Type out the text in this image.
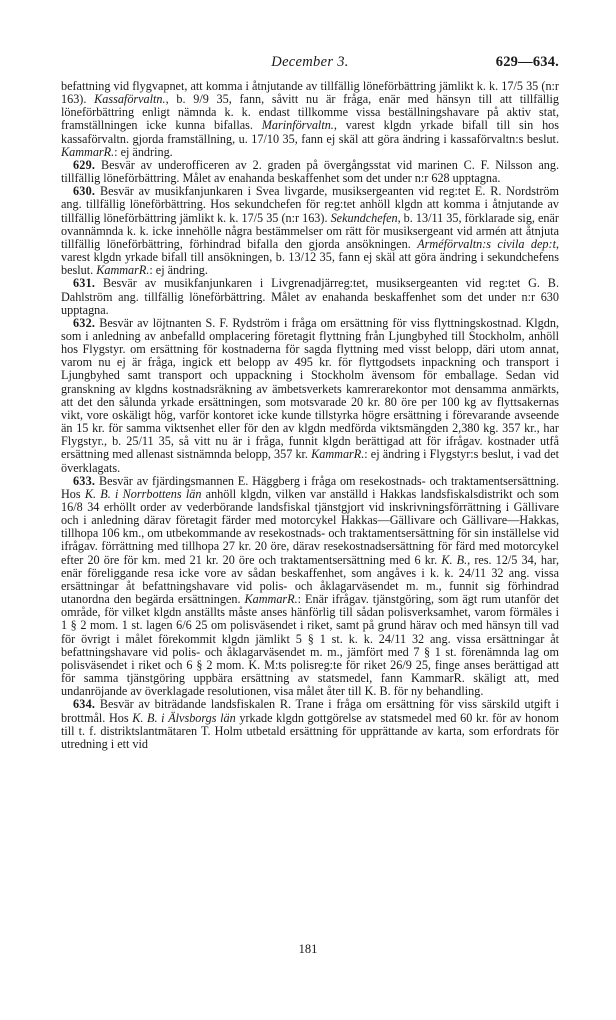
December 3.	629—634.

befattning vid flygvapnet, att komma i åtnjutande av tillfällig löneförbättring jämlikt k. k. 17/5 35 (n:r 163). Kassaförvaltn., b. 9/9 35, fann, såvitt nu är fråga, enär med hänsyn till att tillfällig löneförbättring enligt nämnda k. k. endast tillkomme vissa beställningshavare på aktiv stat, framställningen icke kunna bifallas. Marinförvaltn., varest klgdn yrkade bifall till sin hos kassaförvaltn. gjorda framställning, u. 17/10 35, fann ej skäl att göra ändring i kassaförvaltn:s beslut. KammarR.: ej ändring.

629. Besvär av underofficeren av 2. graden på övergångsstat vid marinen C. F. Nilsson ang. tillfällig löneförbättring. Målet av enahanda beskaffenhet som det under n:r 628 upptagna.

630. Besvär av musikfanjunkaren i Svea livgarde, musiksergeanten vid reg:tet E. R. Nordström ang. tillfällig löneförbättring. Hos sekundchefen för reg:tet anhöll klgdn att komma i åtnjutande av tillfällig löneförbättring jämlikt k. k. 17/5 35 (n:r 163). Sekundchefen, b. 13/11 35, förklarade sig, enär ovannämnda k. k. icke innehölle några bestämmelser om rätt för musiksergeant vid armén att åtnjuta tillfällig löneförbättring, förhindrad bifalla den gjorda ansökningen. Arméförvaltn:s civila dep:t, varest klgdn yrkade bifall till ansökningen, b. 13/12 35, fann ej skäl att göra ändring i sekundchefens beslut. KammarR.: ej ändring.

631. Besvär av musikfanjunkaren i Livgrenadjärreg:tet, musiksergeanten vid reg:tet G. B. Dahlström ang. tillfällig löneförbättring. Målet av enahanda beskaffenhet som det under n:r 630 upptagna.

632. Besvär av löjtnanten S. F. Rydström i fråga om ersättning för viss flyttningskostnad. Klgdn, som i anledning av anbefalld omplacering företagit flyttning från Ljungbyhed till Stockholm, anhöll hos Flygstyr. om ersättning för kostnaderna för sagda flyttning med visst belopp, däri utom annat, varom nu ej är fråga, ingick ett belopp av 495 kr. för flyttgodsets inpackning och transport i Ljungbyhed samt transport och uppackning i Stockholm ävensom för emballage. Sedan vid granskning av klgdns kostnadsräkning av ämbetsverkets kamrerarekontor mot densamma anmärkts, att det den sålunda yrkade ersättningen, som motsvarade 20 kr. 80 öre per 100 kg av flyttsakernas vikt, vore oskäligt hög, varför kontoret icke kunde tillstyrka högre ersättning i förevarande avseende än 15 kr. för samma viktsenhet eller för den av klgdn medförda viktsmängden 2,380 kg. 357 kr., har Flygstyr., b. 25/11 35, så vitt nu är i fråga, funnit klgdn berättigad att för ifrågav. kostnader utfå ersättning med allenast sistnämnda belopp, 357 kr. KammarR.: ej ändring i Flygstyr:s beslut, i vad det överklagats.

633. Besvär av fjärdingsmannen E. Häggberg i fråga om resekostnads- och traktamentsersättning. Hos K. B. i Norrbottens län anhöll klgdn, vilken var anställd i Hakkas landsfiskalsdistrikt och som 16/8 34 erhöllt order av vederbörande landsfiskal tjänstgjort vid inskrivningsförrättning i Gällivare och i anledning därav företagit färder med motorcykel Hakkas—Gällivare och Gällivare—Hakkas, tillhopa 106 km., om utbekommande av resekostnads- och traktamentsersättning för sin inställelse vid ifrågav. förrättning med tillhopa 27 kr. 20 öre, därav resekostnadsersättning för färd med motorcykel efter 20 öre för km. med 21 kr. 20 öre och traktamentsersättning med 6 kr. K. B., res. 12/5 34, har, enär föreliggande resa icke vore av sådan beskaffenhet, som angåves i k. k. 24/11 32 ang. vissa ersättningar åt befattningshavare vid polis- och åklagarväsendet m. m., funnit sig förhindrad utanordna den begärda ersättningen. KammarR.: Enär ifrågav. tjänstgöring, som ägt rum utanför det område, för vilket klgdn anställts måste anses hänförlig till sådan polisverksamhet, varom förmäles i 1 § 2 mom. 1 st. lagen 6/6 25 om polisväsendet i riket, samt på grund härav och med hänsyn till vad för övrigt i målet förekommit klgdn jämlikt 5 § 1 st. k. k. 24/11 32 ang. vissa ersättningar åt befattningshavare vid polis- och åklagarväsendet m. m., jämfört med 7 § 1 st. förenämnda lag om polisväsendet i riket och 6 § 2 mom. K. M:ts polisreg:te för riket 26/9 25, finge anses berättigad att för samma tjänstgöring uppbära ersättning av statsmedel, fann KammarR. skäligt att, med undanröjande av överklagade resolutionen, visa målet åter till K. B. för ny behandling.

634. Besvär av biträdande landsfiskalen R. Trane i fråga om ersättning för viss särskild utgift i brottmål. Hos K. B. i Älvsborgs län yrkade klgdn gottgörelse av statsmedel med 60 kr. för av honom till t. f. distriktslantmätaren T. Holm utbetald ersättning för upprättande av karta, som erfordrats för utredning i ett vid

181
